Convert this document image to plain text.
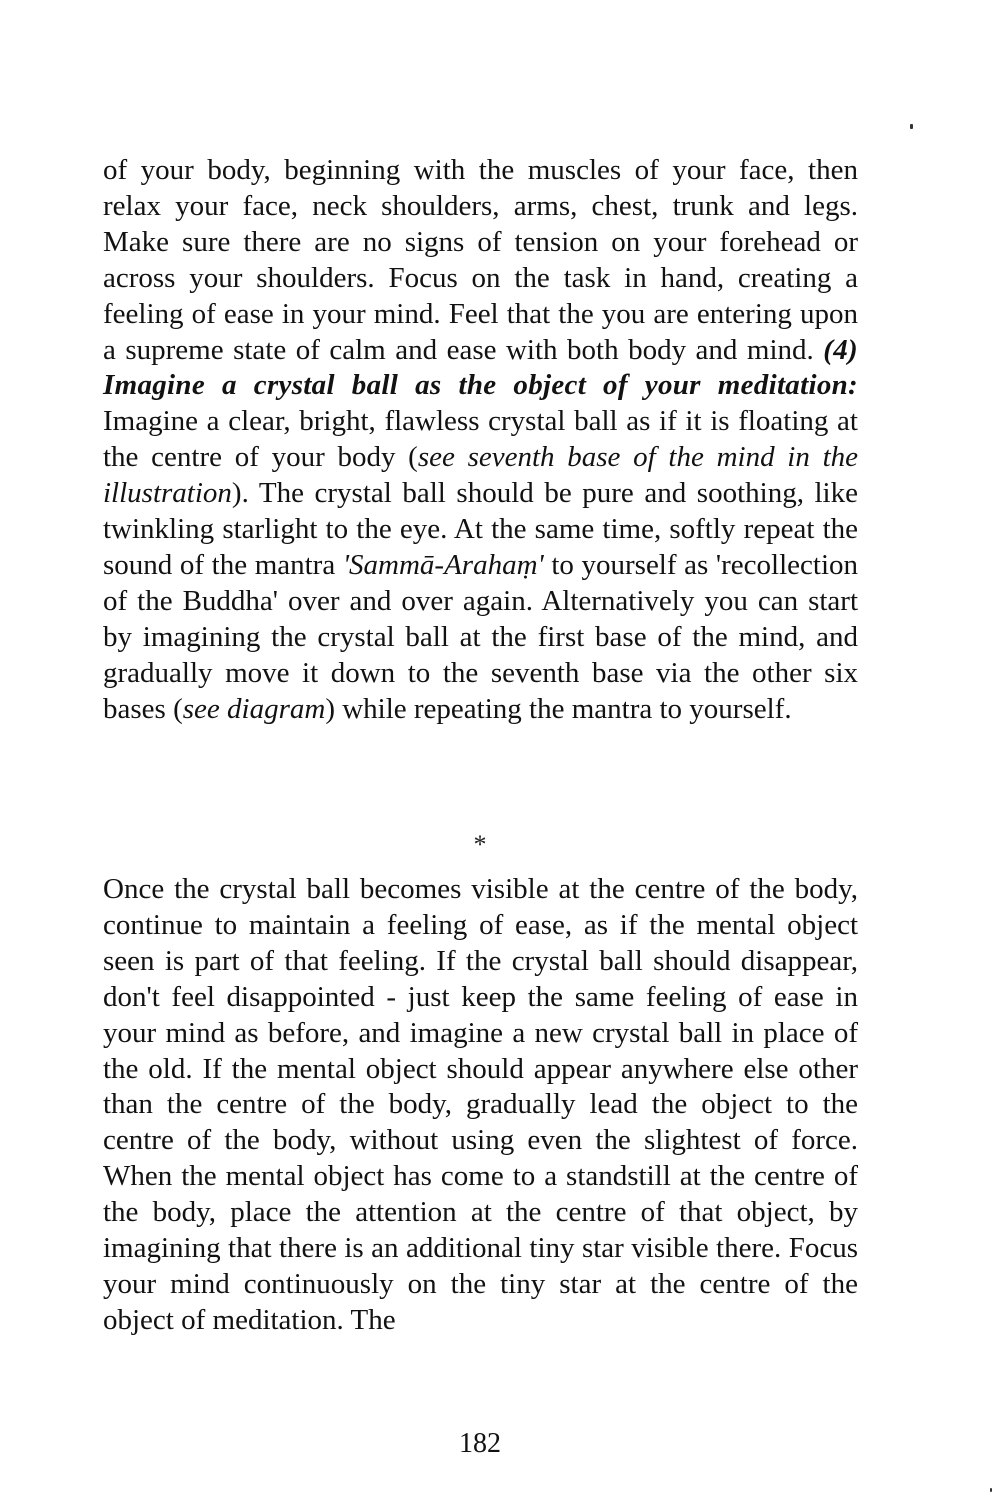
of your body, beginning with the muscles of your face, then relax your face, neck shoulders, arms, chest, trunk and legs. Make sure there are no signs of tension on your forehead or across your shoulders. Focus on the task in hand, creating a feeling of ease in your mind. Feel that the you are entering upon a supreme state of calm and ease with both body and mind. (4) Imagine a crystal ball as the object of your meditation: Imagine a clear, bright, flawless crystal ball as if it is floating at the centre of your body (see seventh base of the mind in the illustration). The crystal ball should be pure and soothing, like twinkling starlight to the eye. At the same time, softly repeat the sound of the mantra 'Sammā-Arahaṃ' to yourself as 'recollection of the Buddha' over and over again. Alternatively you can start by imagining the crystal ball at the first base of the mind, and gradually move it down to the seventh base via the other six bases (see diagram) while repeating the mantra to yourself.

*

Once the crystal ball becomes visible at the centre of the body, continue to maintain a feeling of ease, as if the mental object seen is part of that feeling. If the crystal ball should disappear, don't feel disappointed - just keep the same feeling of ease in your mind as before, and imagine a new crystal ball in place of the old. If the mental object should appear anywhere else other than the centre of the body, gradually lead the object to the centre of the body, without using even the slightest of force. When the mental object has come to a standstill at the centre of the body, place the attention at the centre of that object, by imagining that there is an additional tiny star visible there. Focus your mind continuously on the tiny star at the centre of the object of meditation. The

182
